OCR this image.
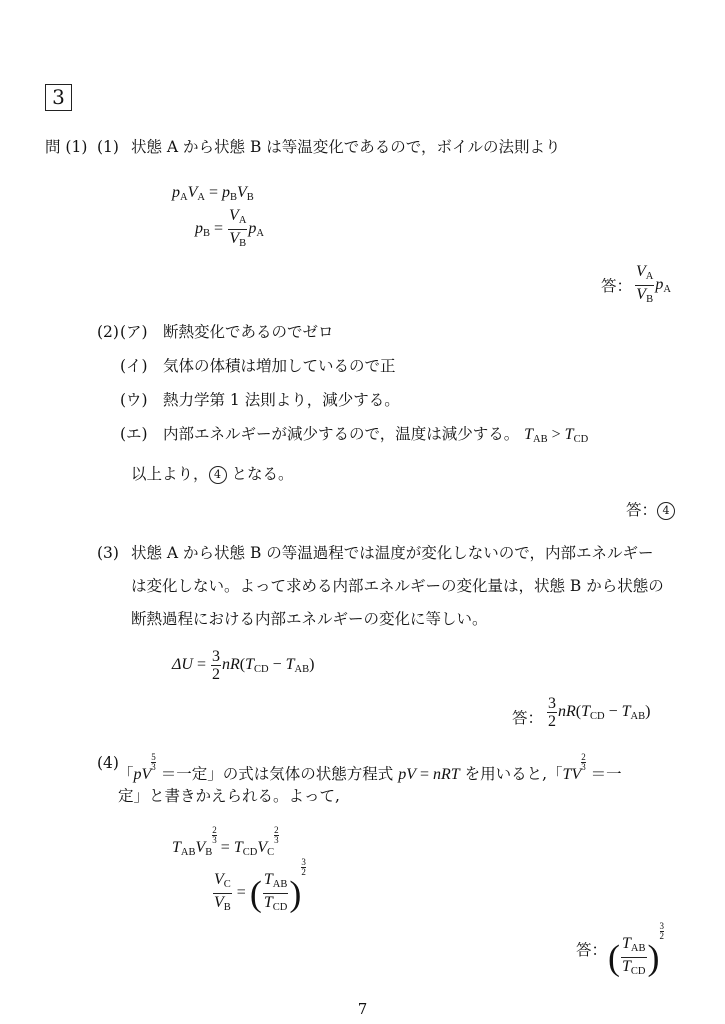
3
問 (1) (1) 状態 A から状態 B は等温変化であるので，ボイルの法則より
$p_AV_A = p_BV_B$
$p_B = \frac{V_A}{V_B} p_A$
答： $\frac{V_A}{V_B} p_A$
(2) (ア) 断熱変化であるのでゼロ
(イ) 気体の体積は増加しているので正
(ウ) 熱力学第 1 法則より，減少する。
(エ) 内部エネルギーが減少するので，温度は減少する。 $T_{AB} > T_{CD}$
以上より， 4 となる。
答： 4
(3) 状態 A から状態 B の等温過程では温度が変化しないので，内部エネルギー
は変化しない。よって求める内部エネルギーの変化量は，状態 B から状態の
断熱過程における内部エネルギーの変化に等しい。
$\Delta U = \frac{3}{2} nR(T_{CD} - T_{AB})$
答： $\frac{3}{2} nR(T_{CD} - T_{AB})$
(4)
「pV
$\frac{5}{3}$
＝一定」の式は気体の状態方程式 pV = nRT を用いると,「TV
$\frac{2}{3}$
＝一
定」と書きかえられる。よって,
$T_{AB}V_B$
$\frac{2}{3}$
= $T_{CD}V_C$
$\frac{2}{3}$
$\frac{V_C}{V_B}$ = ( $\frac{T_{AB}}{T_{CD}}$ )
$\frac{3}{2}$
答： ( $\frac{T_{AB}}{T_{CD}}$ )
$\frac{3}{2}$
7
